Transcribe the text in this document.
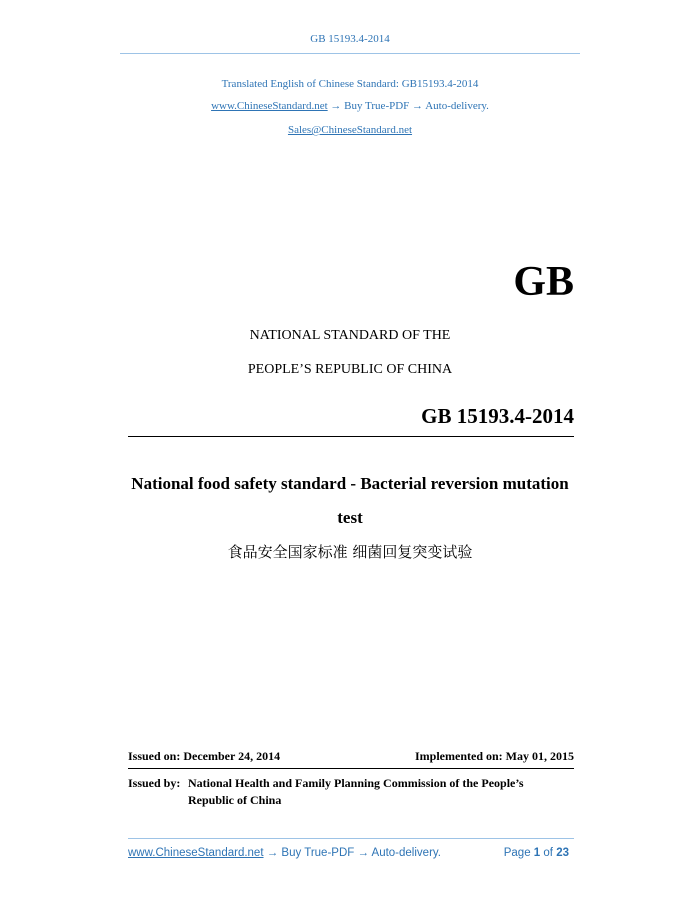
GB 15193.4-2014
Translated English of Chinese Standard: GB15193.4-2014
www.ChineseStandard.net → Buy True-PDF → Auto-delivery.
Sales@ChineseStandard.net
GB
NATIONAL STANDARD OF THE
PEOPLE’S REPUBLIC OF CHINA
GB 15193.4-2014
National food safety standard - Bacterial reversion mutation
test
食品安全国家标准 细菌回复突变试验
Issued on: December 24, 2014	Implemented on: May 01, 2015
Issued by: National Health and Family Planning Commission of the People’s
Republic of China
www.ChineseStandard.net → Buy True-PDF → Auto-delivery.	Page 1 of 23
